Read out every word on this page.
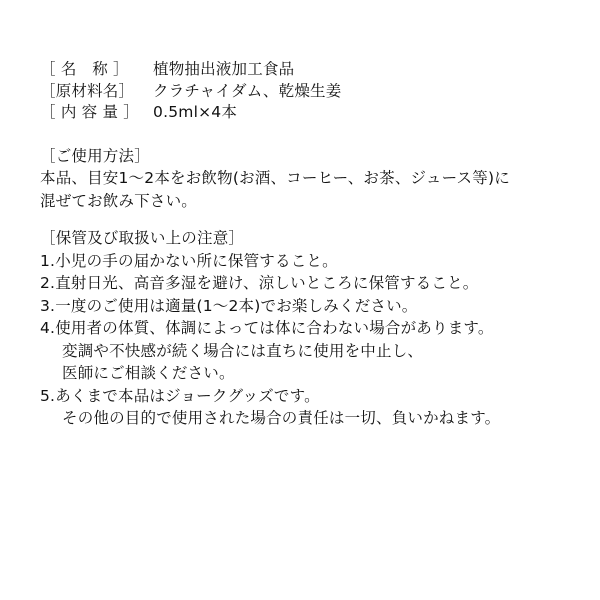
［ 名　称 ］	植物抽出液加工食品
［原材料名］	クラチャイダム、乾燥生姜
［ 内 容 量 ］	0.5ml×4本
［ご使用方法］
本品、目安1〜2本をお飲物(お酒、コーヒー、お茶、ジュース等)に
混ぜてお飲み下さい。
［保管及び取扱い上の注意］
1.小児の手の届かない所に保管すること。
2.直射日光、高音多湿を避け、涼しいところに保管すること。
3.一度のご使用は適量(1〜2本)でお楽しみください。
4.使用者の体質、体調によっては体に合わない場合があります。
変調や不快感が続く場合には直ちに使用を中止し、
医師にご相談ください。
5.あくまで本品はジョークグッズです。
その他の目的で使用された場合の責任は一切、負いかねます。
